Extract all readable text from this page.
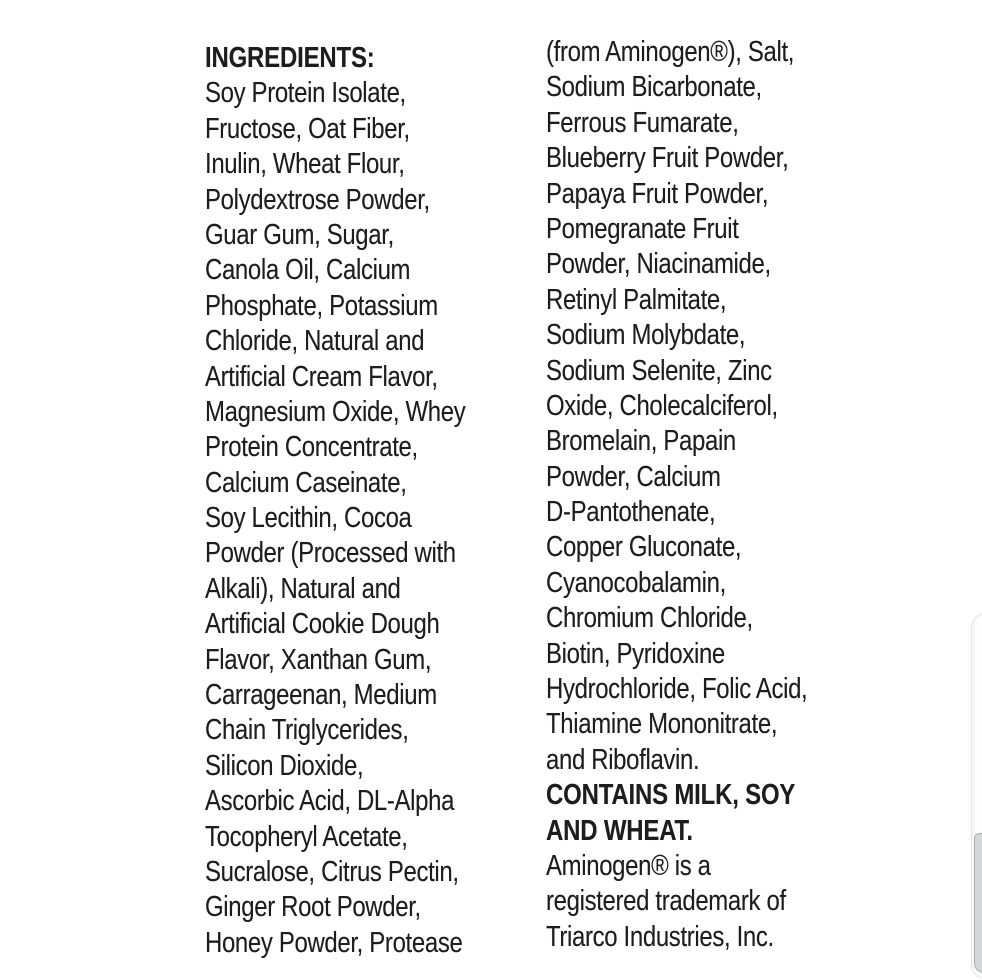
INGREDIENTS:
Soy Protein Isolate,
Fructose, Oat Fiber,
Inulin, Wheat Flour,
Polydextrose Powder,
Guar Gum, Sugar,
Canola Oil, Calcium
Phosphate, Potassium
Chloride, Natural and
Artificial Cream Flavor,
Magnesium Oxide, Whey
Protein Concentrate,
Calcium Caseinate,
Soy Lecithin, Cocoa
Powder (Processed with
Alkali), Natural and
Artificial Cookie Dough
Flavor, Xanthan Gum,
Carrageenan, Medium
Chain Triglycerides,
Silicon Dioxide,
Ascorbic Acid, DL-Alpha
Tocopheryl Acetate,
Sucralose, Citrus Pectin,
Ginger Root Powder,
Honey Powder, Protease
(from Aminogen®), Salt,
Sodium Bicarbonate,
Ferrous Fumarate,
Blueberry Fruit Powder,
Papaya Fruit Powder,
Pomegranate Fruit
Powder, Niacinamide,
Retinyl Palmitate,
Sodium Molybdate,
Sodium Selenite, Zinc
Oxide, Cholecalciferol,
Bromelain, Papain
Powder, Calcium
D-Pantothenate,
Copper Gluconate,
Cyanocobalamin,
Chromium Chloride,
Biotin, Pyridoxine
Hydrochloride, Folic Acid,
Thiamine Mononitrate,
and Riboflavin.
CONTAINS MILK, SOY
AND WHEAT.
Aminogen® is a
registered trademark of
Triarco Industries, Inc.
